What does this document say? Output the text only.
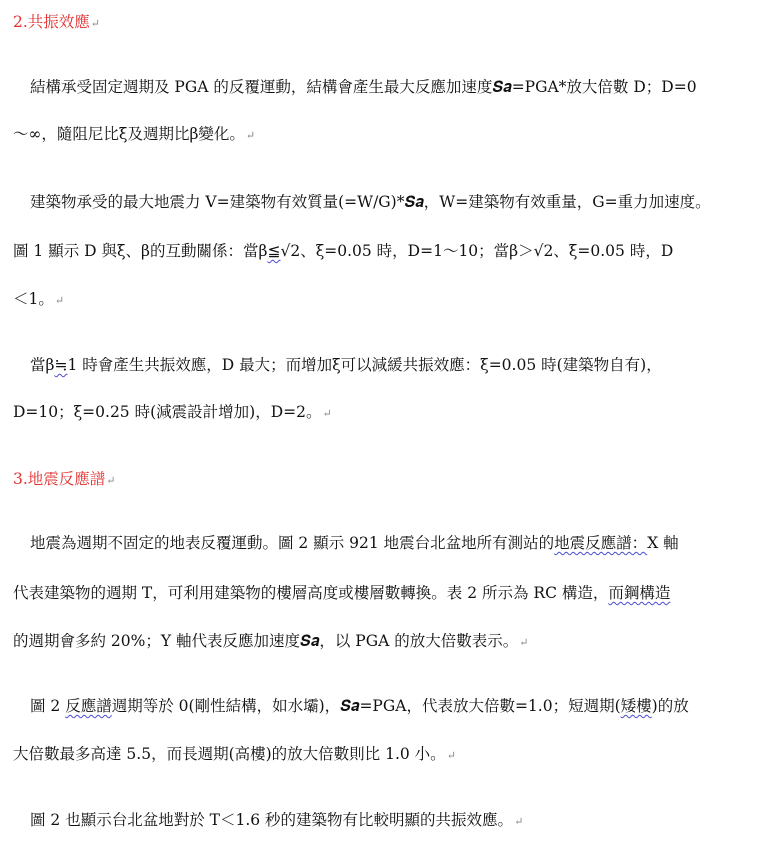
2.共振效應↵
結構承受固定週期及 PGA 的反覆運動，結構會產生最大反應加速度𝑺𝒂=PGA*放大倍數 D；D=0
～∞，隨阻尼比ξ及週期比β變化。↵
建築物承受的最大地震力 V=建築物有效質量(=W/G)*𝑺𝒂，W=建築物有效重量，G=重力加速度。
圖 1 顯示 D 與ξ、β的互動關係：當β≦√2、ξ=0.05 時，D=1～10；當β＞√2、ξ=0.05 時，D
＜1。↵
當β≒1 時會產生共振效應，D 最大；而增加ξ可以減緩共振效應：ξ=0.05 時(建築物自有)，
D=10；ξ=0.25 時(減震設計增加)，D=2。↵
3.地震反應譜↵
地震為週期不固定的地表反覆運動。圖 2 顯示 921 地震台北盆地所有測站的地震反應譜：X 軸
代表建築物的週期 T，可利用建築物的樓層高度或樓層數轉換。表 2 所示為 RC 構造，而鋼構造
的週期會多約 20%；Y 軸代表反應加速度𝑺𝒂，以 PGA 的放大倍數表示。↵
圖 2 反應譜週期等於 0(剛性結構，如水壩)，𝑺𝒂=PGA，代表放大倍數=1.0；短週期(矮樓)的放
大倍數最多高達 5.5，而長週期(高樓)的放大倍數則比 1.0 小。↵
圖 2 也顯示台北盆地對於 T＜1.6 秒的建築物有比較明顯的共振效應。↵
